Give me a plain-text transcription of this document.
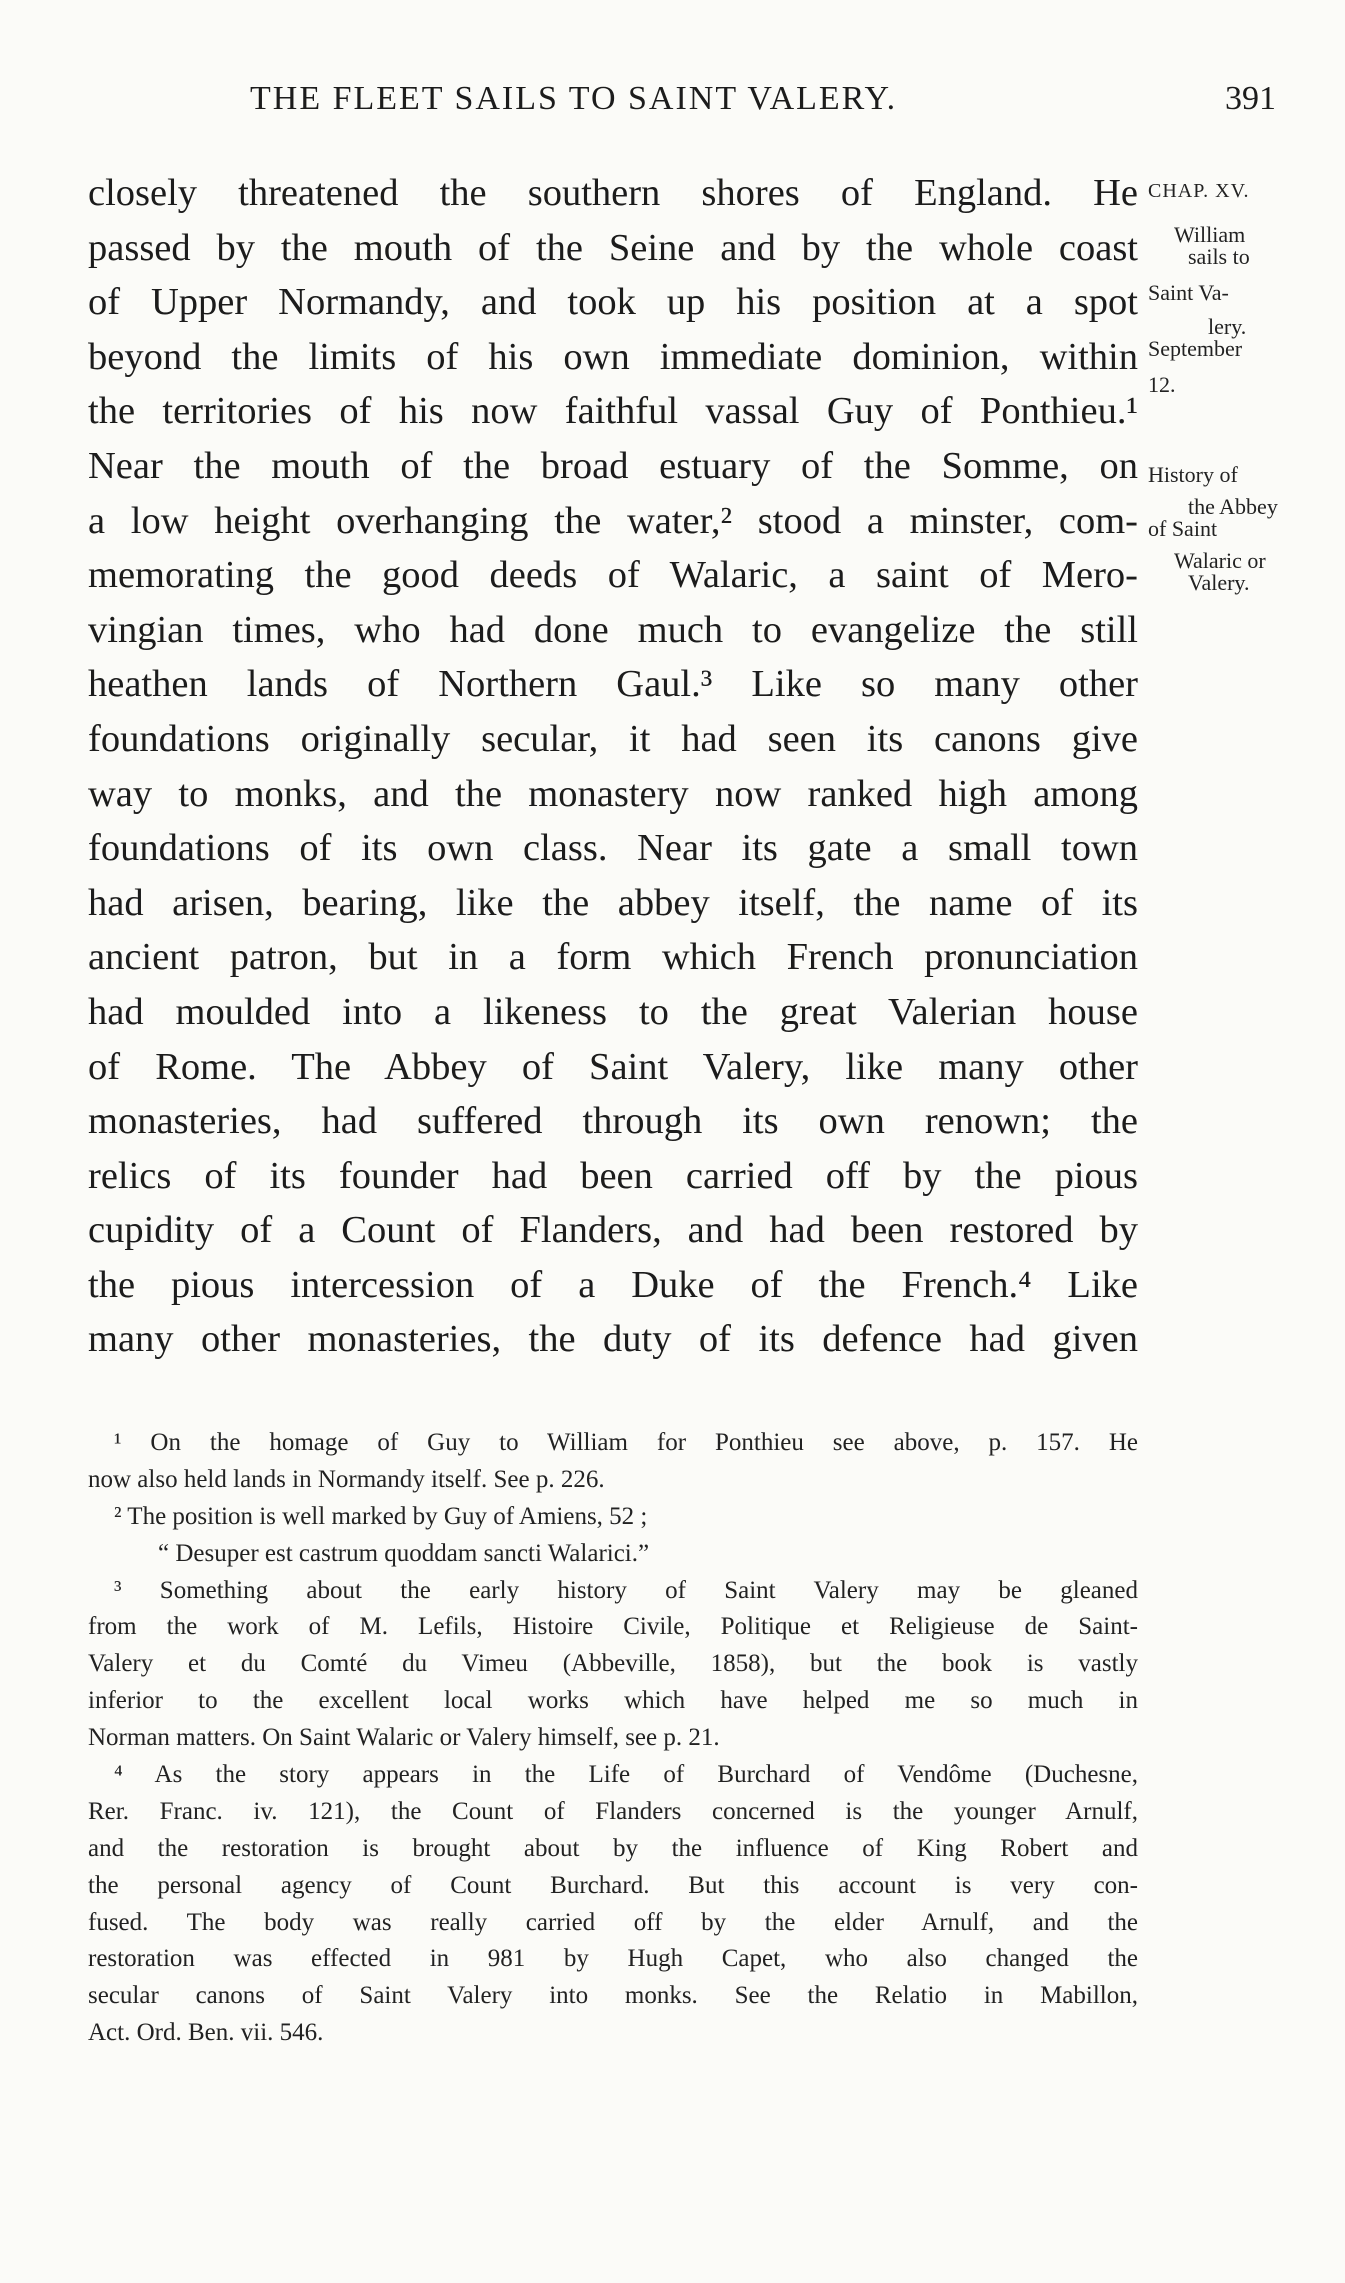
THE FLEET SAILS TO SAINT VALERY.	391
closely threatened the southern shores of England. He
passed by the mouth of the Seine and by the whole coast
of Upper Normandy, and took up his position at a spot
beyond the limits of his own immediate dominion, within
the territories of his now faithful vassal Guy of Ponthieu.¹
Near the mouth of the broad estuary of the Somme, on
a low height overhanging the water,² stood a minster, com-
memorating the good deeds of Walaric, a saint of Mero-
vingian times, who had done much to evangelize the still
heathen lands of Northern Gaul.³ Like so many other
foundations originally secular, it had seen its canons give
way to monks, and the monastery now ranked high among
foundations of its own class. Near its gate a small town
had arisen, bearing, like the abbey itself, the name of its
ancient patron, but in a form which French pronunciation
had moulded into a likeness to the great Valerian house
of Rome. The Abbey of Saint Valery, like many other
monasteries, had suffered through its own renown; the
relics of its founder had been carried off by the pious
cupidity of a Count of Flanders, and had been restored by
the pious intercession of a Duke of the French.⁴ Like
many other monasteries, the duty of its defence had given
CHAP. XV.
William
sails to
Saint Va-
lery.
September
12.
History of
the Abbey
of Saint
Walaric or
Valery.
¹ On the homage of Guy to William for Ponthieu see above, p. 157. He
now also held lands in Normandy itself. See p. 226.
² The position is well marked by Guy of Amiens, 52 ;
“ Desuper est castrum quoddam sancti Walarici.”
³ Something about the early history of Saint Valery may be gleaned
from the work of M. Lefils, Histoire Civile, Politique et Religieuse de Saint-
Valery et du Comté du Vimeu (Abbeville, 1858), but the book is vastly
inferior to the excellent local works which have helped me so much in
Norman matters. On Saint Walaric or Valery himself, see p. 21.
⁴ As the story appears in the Life of Burchard of Vendôme (Duchesne,
Rer. Franc. iv. 121), the Count of Flanders concerned is the younger Arnulf,
and the restoration is brought about by the influence of King Robert and
the personal agency of Count Burchard. But this account is very con-
fused. The body was really carried off by the elder Arnulf, and the
restoration was effected in 981 by Hugh Capet, who also changed the
secular canons of Saint Valery into monks. See the Relatio in Mabillon,
Act. Ord. Ben. vii. 546.
